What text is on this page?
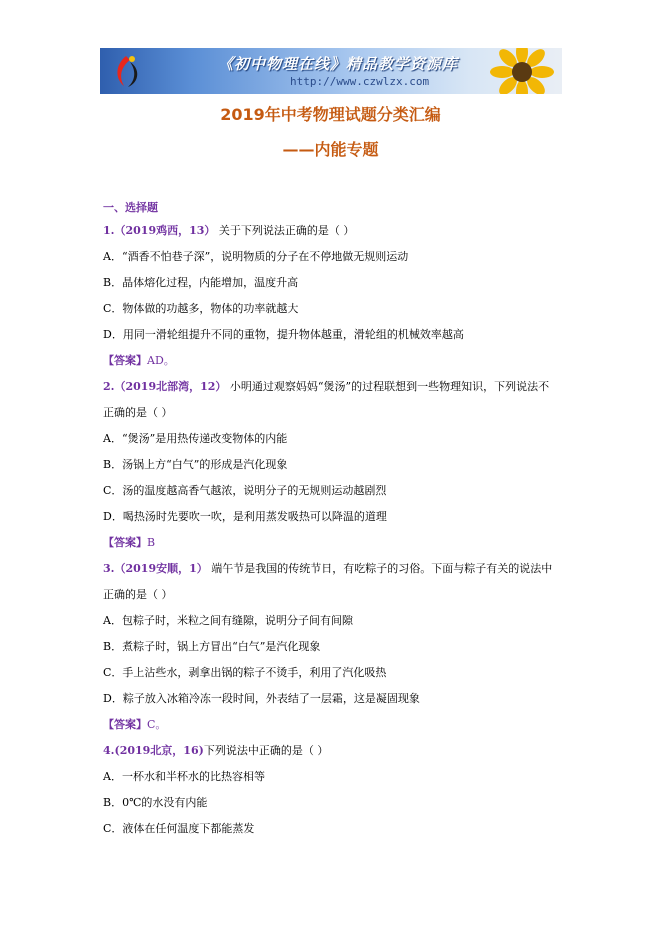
《初中物理在线》精品教学资源库
http://www.czwlzx.com
2019年中考物理试题分类汇编
——内能专题
一、选择题
1.（2019鸡西，13） 关于下列说法正确的是（ ）
A．“酒香不怕巷子深”，说明物质的分子在不停地做无规则运动
B．晶体熔化过程，内能增加，温度升高
C．物体做的功越多，物体的功率就越大
D．用同一滑轮组提升不同的重物，提升物体越重，滑轮组的机械效率越高
【答案】AD。
2.（2019北部湾，12） 小明通过观察妈妈“煲汤”的过程联想到一些物理知识，下列说法不
正确的是（ ）
A．“煲汤”是用热传递改变物体的内能
B．汤锅上方“白气”的形成是汽化现象
C．汤的温度越高香气越浓，说明分子的无规则运动越剧烈
D．喝热汤时先要吹一吹，是利用蒸发吸热可以降温的道理
【答案】B
3.（2019安顺，1） 端午节是我国的传统节日，有吃粽子的习俗。下面与粽子有关的说法中
正确的是（ ）
A．包粽子时，米粒之间有缝隙，说明分子间有间隙
B．煮粽子时，锅上方冒出“白气”是汽化现象
C．手上沾些水，剥拿出锅的粽子不烫手，利用了汽化吸热
D．粽子放入冰箱冷冻一段时间，外表结了一层霜，这是凝固现象
【答案】C。
4.(2019北京，16)下列说法中正确的是（ ）
A．一杯水和半杯水的比热容相等
B．0℃的水没有内能
C．液体在任何温度下都能蒸发
